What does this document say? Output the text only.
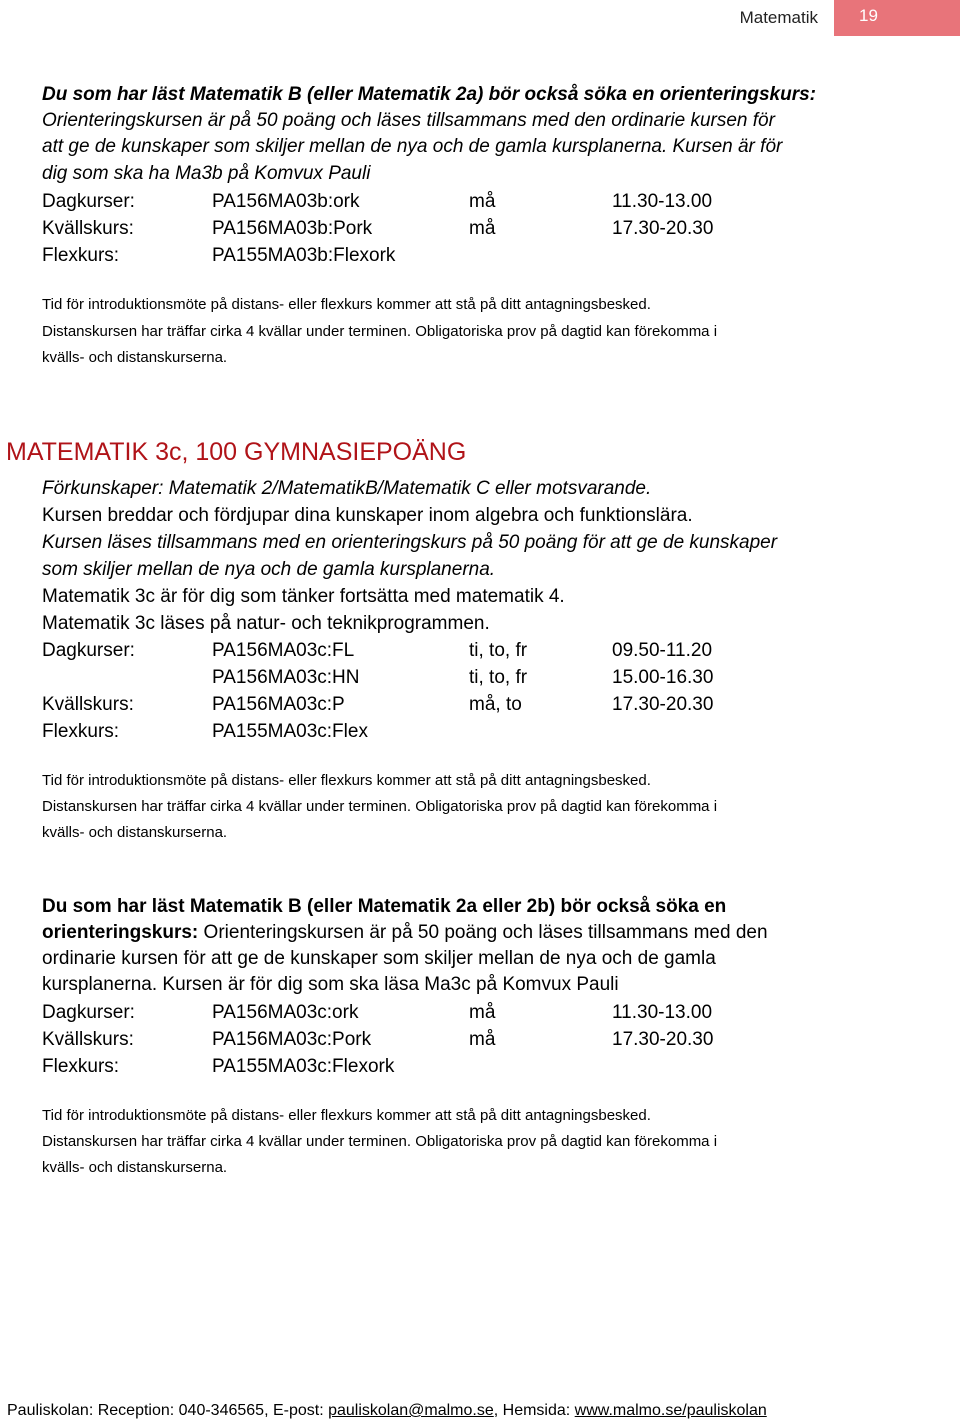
Matematik 19
Du som har läst Matematik B (eller Matematik 2a) bör också söka en orienteringskurs:
Orienteringskursen är på 50 poäng och läses tillsammans med den ordinarie kursen för
att ge de kunskaper som skiljer mellan de nya och de gamla kursplanerna. Kursen är för
dig som ska ha Ma3b på Komvux Pauli
Dagkurser:	PA156MA03b:ork	må	11.30-13.00
Kvällskurs:	PA156MA03b:Pork	må	17.30-20.30
Flexkurs:	PA155MA03b:Flexork
Tid för introduktionsmöte på distans- eller flexkurs kommer att stå på ditt antagningsbesked.
Distanskursen har träffar cirka 4 kvällar under terminen. Obligatoriska prov på dagtid kan förekomma i
kvälls- och distanskurserna.
MATEMATIK 3c, 100 GYMNASIEPOÄNG
Förkunskaper: Matematik 2/MatematikB/Matematik C eller motsvarande.
Kursen breddar och fördjupar dina kunskaper inom algebra och funktionslära.
Kursen läses tillsammans med en orienteringskurs på 50 poäng för att ge de kunskaper
som skiljer mellan de nya och de gamla kursplanerna.
Matematik 3c är för dig som tänker fortsätta med matematik 4.
Matematik 3c läses på natur- och teknikprogrammen.
Dagkurser:	PA156MA03c:FL	ti, to, fr	09.50-11.20
PA156MA03c:HN	ti, to, fr	15.00-16.30
Kvällskurs:	PA156MA03c:P	må, to	17.30-20.30
Flexkurs:	PA155MA03c:Flex
Tid för introduktionsmöte på distans- eller flexkurs kommer att stå på ditt antagningsbesked.
Distanskursen har träffar cirka 4 kvällar under terminen. Obligatoriska prov på dagtid kan förekomma i
kvälls- och distanskurserna.
Du som har läst Matematik B (eller Matematik 2a eller 2b) bör också söka en
orienteringskurs: Orienteringskursen är på 50 poäng och läses tillsammans med den
ordinarie kursen för att ge de kunskaper som skiljer mellan de nya och de gamla
kursplanerna. Kursen är för dig som ska läsa Ma3c på Komvux Pauli
Dagkurser:	PA156MA03c:ork	må	11.30-13.00
Kvällskurs:	PA156MA03c:Pork	må	17.30-20.30
Flexkurs:	PA155MA03c:Flexork
Tid för introduktionsmöte på distans- eller flexkurs kommer att stå på ditt antagningsbesked.
Distanskursen har träffar cirka 4 kvällar under terminen. Obligatoriska prov på dagtid kan förekomma i
kvälls- och distanskurserna.
Pauliskolan: Reception: 040-346565, E-post: pauliskolan@malmo.se, Hemsida: www.malmo.se/pauliskolan
